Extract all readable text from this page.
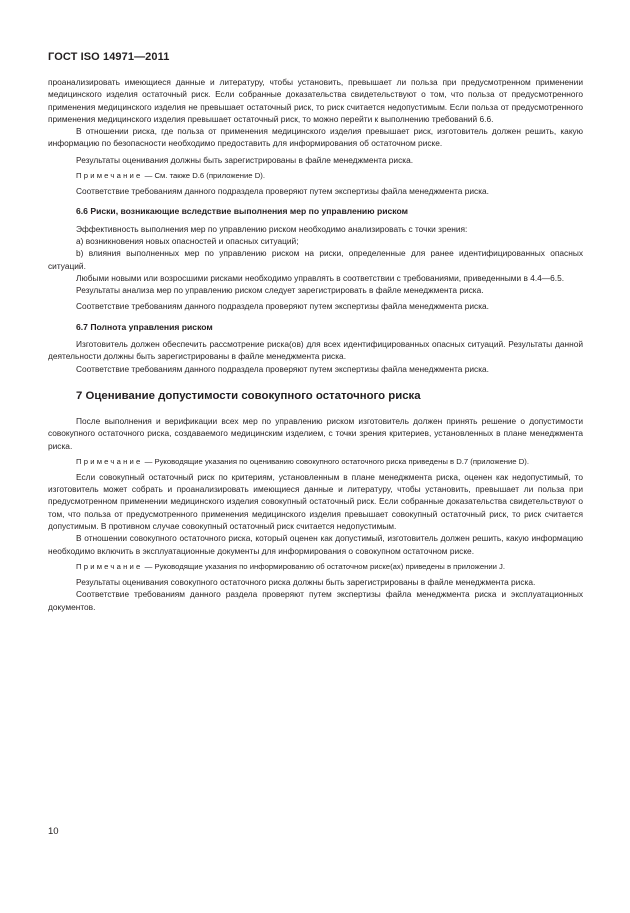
ГОСТ ISO 14971—2011

проанализировать имеющиеся данные и литературу, чтобы установить, превышает ли польза при предусмотренном применении медицинского изделия остаточный риск. Если собранные доказательства свидетельствуют о том, что польза от предусмотренного применения медицинского изделия не превышает остаточный риск, то риск считается недопустимым. Если польза от предусмотренного применения медицинского изделия превышает остаточный риск, то можно перейти к выполнению требований 6.6.

В отношении риска, где польза от применения медицинского изделия превышает риск, изготовитель должен решить, какую информацию по безопасности необходимо предоставить для информирования об остаточном риске.

Результаты оценивания должны быть зарегистрированы в файле менеджмента риска.

Примечание — См. также D.6 (приложение D).

Соответствие требованиям данного подраздела проверяют путем экспертизы файла менеджмента риска.

6.6 Риски, возникающие вследствие выполнения мер по управлению риском

Эффективность выполнения мер по управлению риском необходимо анализировать с точки зрения:

a) возникновения новых опасностей и опасных ситуаций;

b) влияния выполненных мер по управлению риском на риски, определенные для ранее идентифицированных опасных ситуаций.

Любыми новыми или возросшими рисками необходимо управлять в соответствии с требованиями, приведенными в 4.4—6.5.

Результаты анализа мер по управлению риском следует зарегистрировать в файле менеджмента риска.

Соответствие требованиям данного подраздела проверяют путем экспертизы файла менеджмента риска.

6.7 Полнота управления риском

Изготовитель должен обеспечить рассмотрение риска(ов) для всех идентифицированных опасных ситуаций. Результаты данной деятельности должны быть зарегистрированы в файле менеджмента риска.

Соответствие требованиям данного подраздела проверяют путем экспертизы файла менеджмента риска.

7 Оценивание допустимости совокупного остаточного риска

После выполнения и верификации всех мер по управлению риском изготовитель должен принять решение о допустимости совокупного остаточного риска, создаваемого медицинским изделием, с точки зрения критериев, установленных в плане менеджмента риска.

Примечание — Руководящие указания по оцениванию совокупного остаточного риска приведены в D.7 (приложение D).

Если совокупный остаточный риск по критериям, установленным в плане менеджмента риска, оценен как недопустимый, то изготовитель может собрать и проанализировать имеющиеся данные и литературу, чтобы установить, превышает ли польза при предусмотренном применении медицинского изделия совокупный остаточный риск. Если собранные доказательства свидетельствуют о том, что польза от предусмотренного применения медицинского изделия превышает совокупный остаточный риск, то риск считается допустимым. В противном случае совокупный остаточный риск считается недопустимым.

В отношении совокупного остаточного риска, который оценен как допустимый, изготовитель должен решить, какую информацию необходимо включить в эксплуатационные документы для информирования о совокупном остаточном риске.

Примечание — Руководящие указания по информированию об остаточном риске(ах) приведены в приложении J.

Результаты оценивания совокупного остаточного риска должны быть зарегистрированы в файле менеджмента риска.

Соответствие требованиям данного раздела проверяют путем экспертизы файла менеджмента риска и эксплуатационных документов.

10
